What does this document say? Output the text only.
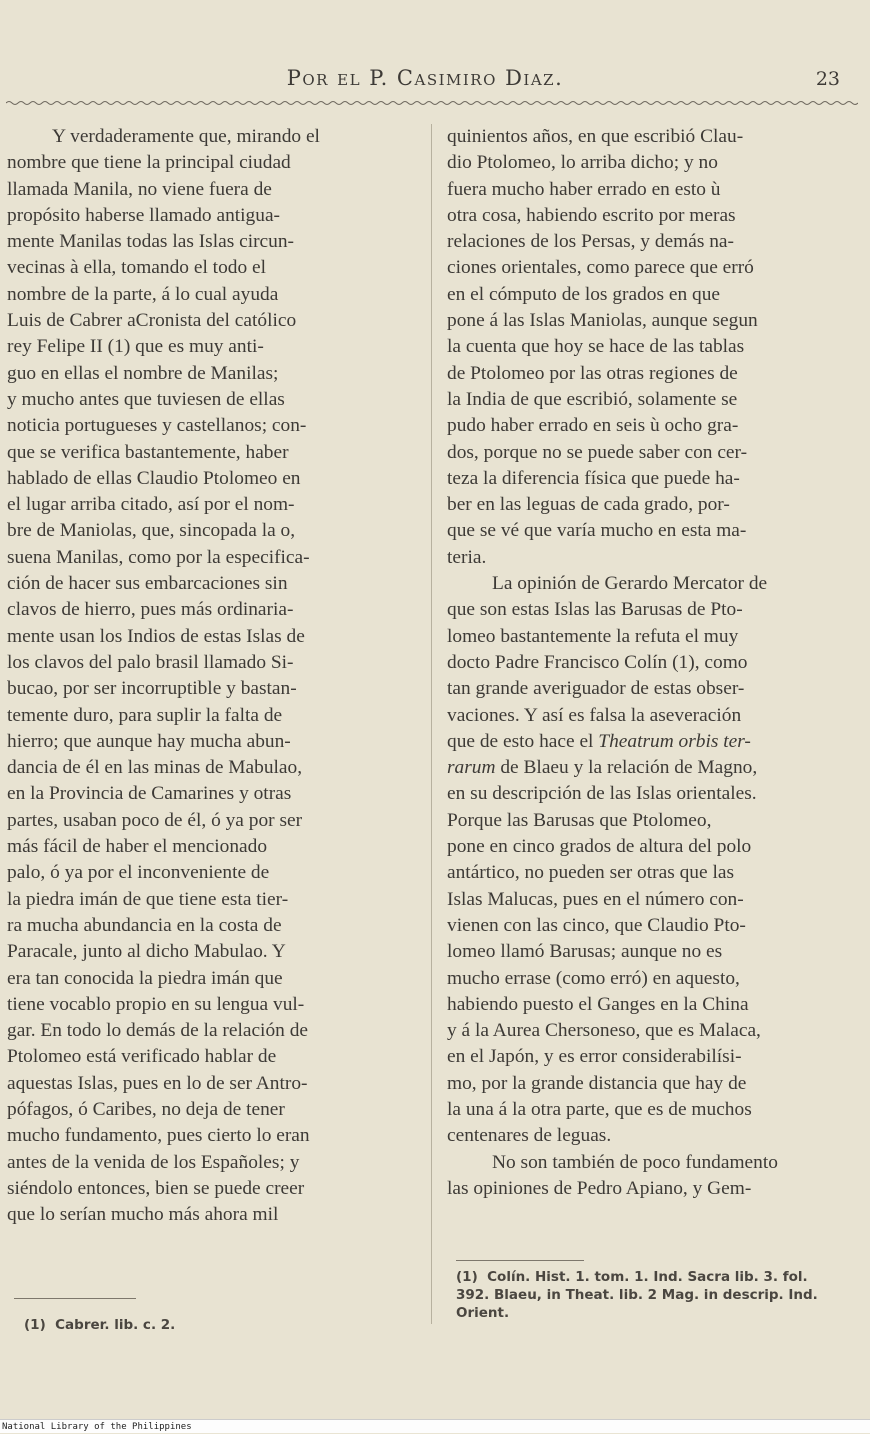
Por el P. Casimiro Diaz.	23
Y verdaderamente que, mirando el
nombre que tiene la principal ciudad
llamada Manila, no viene fuera de
propósito haberse llamado antigua-
mente Manilas todas las Islas circun-
vecinas à ella, tomando el todo el
nombre de la parte, á lo cual ayuda
Luis de Cabrer aCronista del católico
rey Felipe II (1) que es muy anti-
guo en ellas el nombre de Manilas;
y mucho antes que tuviesen de ellas
noticia portugueses y castellanos; con-
que se verifica bastantemente, haber
hablado de ellas Claudio Ptolomeo en
el lugar arriba citado, así por el nom-
bre de Maniolas, que, sincopada la o,
suena Manilas, como por la especifica-
ción de hacer sus embarcaciones sin
clavos de hierro, pues más ordinaria-
mente usan los Indios de estas Islas de
los clavos del palo brasil llamado Si-
bucao, por ser incorruptible y bastan-
temente duro, para suplir la falta de
hierro; que aunque hay mucha abun-
dancia de él en las minas de Mabulao,
en la Provincia de Camarines y otras
partes, usaban poco de él, ó ya por ser
más fácil de haber el mencionado
palo, ó ya por el inconveniente de
la piedra imán de que tiene esta tier-
ra mucha abundancia en la costa de
Paracale, junto al dicho Mabulao. Y
era tan conocida la piedra imán que
tiene vocablo propio en su lengua vul-
gar. En todo lo demás de la relación de
Ptolomeo está verificado hablar de
aquestas Islas, pues en lo de ser Antro-
pófagos, ó Caribes, no deja de tener
mucho fundamento, pues cierto lo eran
antes de la venida de los Españoles; y
siéndolo entonces, bien se puede creer
que lo serían mucho más ahora mil
quinientos años, en que escribió Clau-
dio Ptolomeo, lo arriba dicho; y no
fuera mucho haber errado en esto ù
otra cosa, habiendo escrito por meras
relaciones de los Persas, y demás na-
ciones orientales, como parece que erró
en el cómputo de los grados en que
pone á las Islas Maniolas, aunque segun
la cuenta que hoy se hace de las tablas
de Ptolomeo por las otras regiones de
la India de que escribió, solamente se
pudo haber errado en seis ù ocho gra-
dos, porque no se puede saber con cer-
teza la diferencia física que puede ha-
ber en las leguas de cada grado, por-
que se vé que varía mucho en esta ma-
teria.
La opinión de Gerardo Mercator de
que son estas Islas las Barusas de Pto-
lomeo bastantemente la refuta el muy
docto Padre Francisco Colín (1), como
tan grande averiguador de estas obser-
vaciones. Y así es falsa la aseveración
que de esto hace el Theatrum orbis ter-
rarum de Blaeu y la relación de Magno,
en su descripción de las Islas orientales.
Porque las Barusas que Ptolomeo,
pone en cinco grados de altura del polo
antártico, no pueden ser otras que las
Islas Malucas, pues en el número con-
vienen con las cinco, que Claudio Pto-
lomeo llamó Barusas; aunque no es
mucho errase (como erró) en aquesto,
habiendo puesto el Ganges en la China
y á la Aurea Chersoneso, que es Malaca,
en el Japón, y es error considerabilísi-
mo, por la grande distancia que hay de
la una á la otra parte, que es de muchos
centenares de leguas.
No son también de poco fundamento
las opiniones de Pedro Apiano, y Gem-
(1)  Cabrer. lib. c. 2.
(1)  Colín. Hist. 1. tom. 1. Ind. Sacra lib. 3. fol.
392. Blaeu, in Theat. lib. 2 Mag. in descrip. Ind.
Orient.
National Library of the Philippines
